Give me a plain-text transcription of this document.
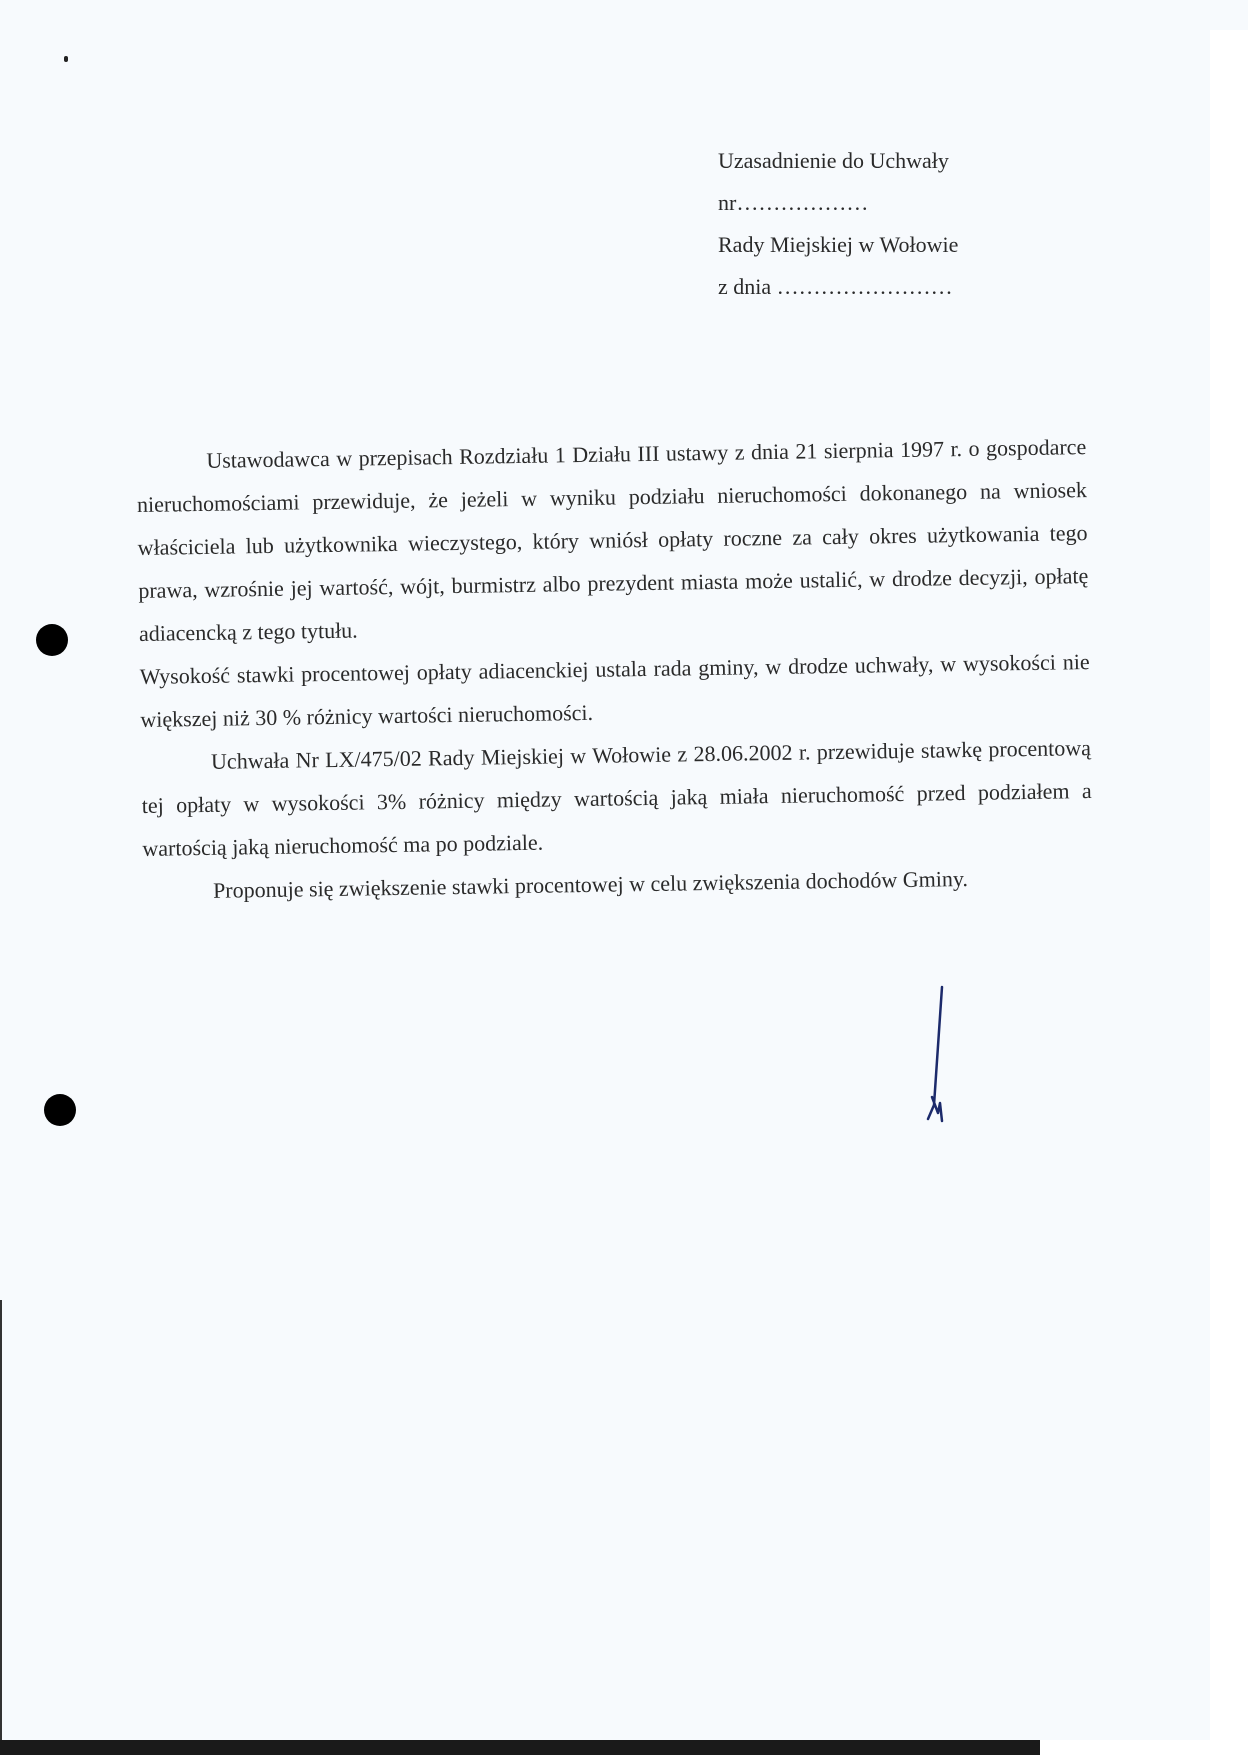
Uzasadnienie do Uchwały
nr………………
Rady Miejskiej w Wołowie
z dnia ……………………

Ustawodawca w przepisach Rozdziału 1 Działu III ustawy z dnia 21 sierpnia 1997 r. o gospodarce nieruchomościami przewiduje, że jeżeli w wyniku podziału nieruchomości dokonanego na wniosek właściciela lub użytkownika wieczystego, który wniósł opłaty roczne za cały okres użytkowania tego prawa, wzrośnie jej wartość, wójt, burmistrz albo prezydent miasta może ustalić, w drodze decyzji, opłatę adiacencką z tego tytułu.

Wysokość stawki procentowej opłaty adiacenckiej ustala rada gminy, w drodze uchwały, w wysokości nie większej niż 30 % różnicy wartości nieruchomości.

Uchwała Nr LX/475/02 Rady Miejskiej w Wołowie z 28.06.2002 r. przewiduje stawkę procentową tej opłaty w wysokości 3% różnicy między wartością jaką miała nieruchomość przed podziałem a wartością jaką nieruchomość ma po podziale.

Proponuje się zwiększenie stawki procentowej w celu zwiększenia dochodów Gminy.
